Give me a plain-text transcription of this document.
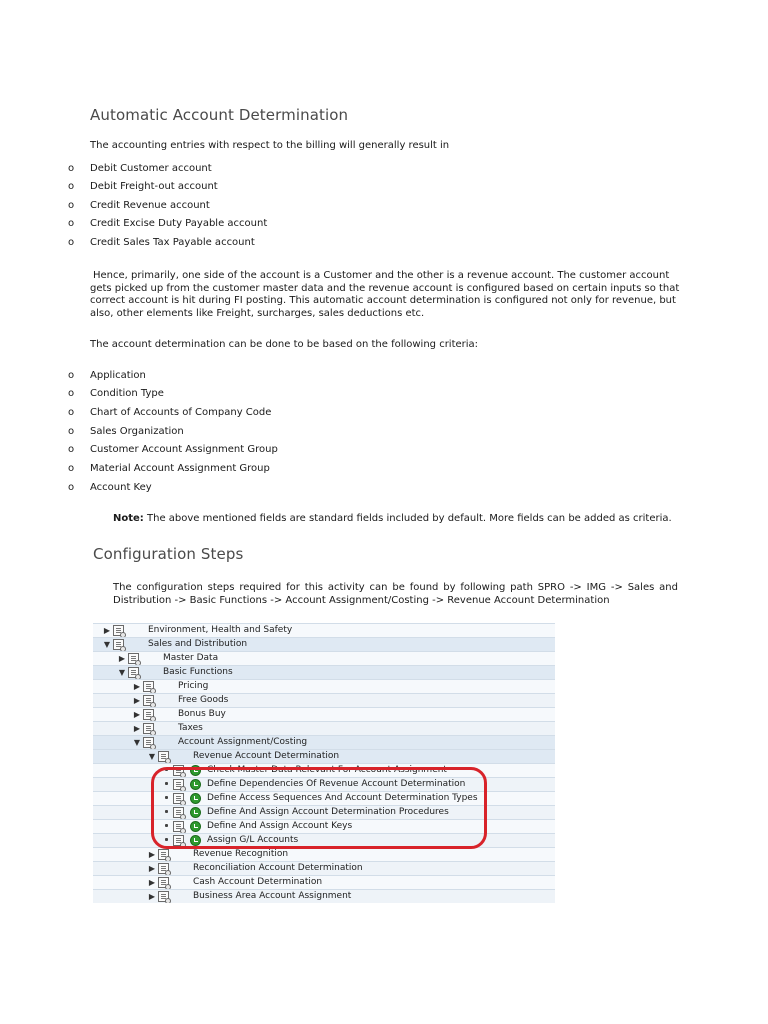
Automatic Account Determination
The accounting entries with respect to the billing will generally result in
o Debit Customer account
o Debit Freight-out account
o Credit Revenue account
o Credit Excise Duty Payable account
o Credit Sales Tax Payable account
Hence, primarily, one side of the account is a Customer and the other is a revenue account. The customer account gets picked up from the customer master data and the revenue account is configured based on certain inputs so that correct account is hit during FI posting. This automatic account determination is configured not only for revenue, but also, other elements like Freight, surcharges, sales deductions etc.
The account determination can be done to be based on the following criteria:
o Application
o Condition Type
o Chart of Accounts of Company Code
o Sales Organization
o Customer Account Assignment Group
o Material Account Assignment Group
o Account Key
Note: The above mentioned fields are standard fields included by default. More fields can be added as criteria.
Configuration Steps
The configuration steps required for this activity can be found by following path SPRO -> IMG -> Sales and Distribution -> Basic Functions -> Account Assignment/Costing -> Revenue Account Determination
▶	Environment, Health and Safety
▼	Sales and Distribution
▶	Master Data
▼	Basic Functions
▶	Pricing
▶	Free Goods
▶	Bonus Buy
▶	Taxes
▼	Account Assignment/Costing
▼	Revenue Account Determination
Check Master Data Relevant For Account Assignment
Define Dependencies Of Revenue Account Determination
Define Access Sequences And Account Determination Types
Define And Assign Account Determination Procedures
Define And Assign Account Keys
Assign G/L Accounts
▶	Revenue Recognition
▶	Reconciliation Account Determination
▶	Cash Account Determination
▶	Business Area Account Assignment
